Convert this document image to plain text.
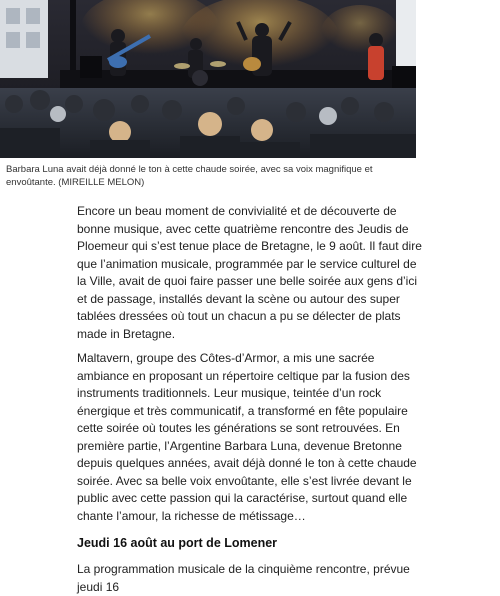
Barbara Luna avait déjà donné le ton à cette chaude soirée, avec sa voix magnifique et envoûtante. (MIREILLE MELON)

Encore un beau moment de convivialité et de découverte de bonne musique, avec cette quatrième rencontre des Jeudis de Ploemeur qui s’est tenue place de Bretagne, le 9 août. Il faut dire que l’animation musicale, programmée par le service culturel de la Ville, avait de quoi faire passer une belle soirée aux gens d’ici et de passage, installés devant la scène ou autour des super tablées dressées où tout un chacun a pu se délecter de plats made in Bretagne.

Maltavern, groupe des Côtes-d’Armor, a mis une sacrée ambiance en proposant un répertoire celtique par la fusion des instruments traditionnels. Leur musique, teintée d’un rock énergique et très communicatif, a transformé en fête populaire cette soirée où toutes les générations se sont retrouvées. En première partie, l’Argentine Barbara Luna, devenue Bretonne depuis quelques années, avait déjà donné le ton à cette chaude soirée. Avec sa belle voix envoûtante, elle s’est livrée devant le public avec cette passion qui la caractérise, surtout quand elle chante l’amour, la richesse de métissage…

Jeudi 16 août au port de Lomener

La programmation musicale de la cinquième rencontre, prévue jeudi 16
